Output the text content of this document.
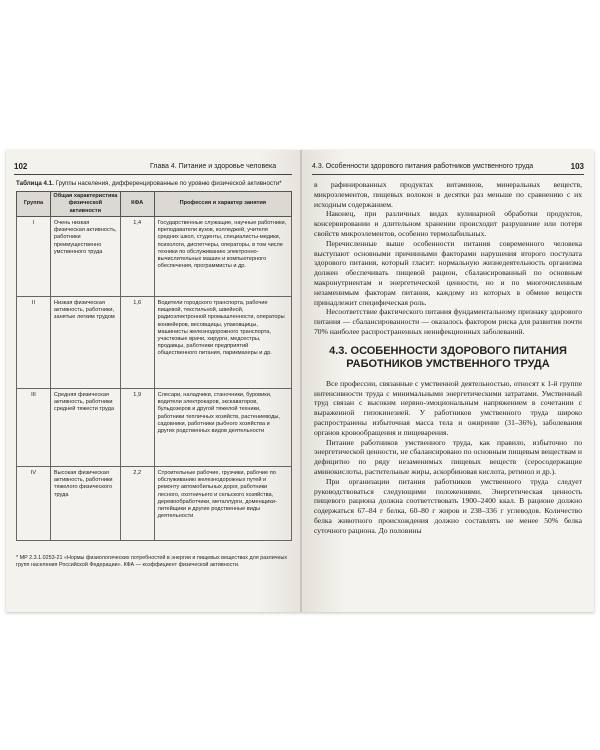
102	Глава 4. Питание и здоровье человека
Таблица 4.1. Группы населения, дифференцированные по уровню физической активности*
Группа	Общая характеристика физической активности	КФА	Профессия и характер занятия
I	Очень низкая физическая активность, работники преимущественно умственного труда	1,4	Государственные служащие, научные работники, преподаватели вузов, колледжей, учителя средних школ, студенты, специалисты-медики, психологи, диспетчеры, операторы, в том числе техники по обслуживанию электронно-вычислительных машин и компьютерного обеспечения, программисты и др.
II	Низкая физическая активность, работники, занятые легким трудом	1,6	Водители городского транспорта, рабочие пищевой, текстильной, швейной, радиоэлектронной промышленности, операторы конвейеров, весовщицы, упаковщицы, машинисты железнодорожного транспорта, участковые врачи, хирурги, медсестры, продавцы, работники предприятий общественного питания, парикмахеры и др.
III	Средняя физическая активность, работники средней тяжести труда	1,9	Слесари, наладчики, станочники, буровики, водители электрокаров, экскаваторов, бульдозеров и другой тяжелой техники, работники тепличных хозяйств, растениеводы, садовники, работники рыбного хозяйства и других родственных видов деятельности
IV	Высокая физическая активность, работники тяжелого физического труда	2,2	Строительные рабочие, грузчики, рабочие по обслуживанию железнодорожных путей и ремонту автомобильных дорог, работники лесного, охотничьего и сельского хозяйства, деревообработчики, металлурги, доменщики-литейщики и другие родственные виды деятельности
* МР 2.3.1.0253-21 «Нормы физиологических потребностей в энергии и пищевых веществах для различных групп населения Российской Федерации». КФА — коэффициент физической активности.
4.3. Особенности здорового питания работников умственного труда	103

в рафинированных продуктах витаминов, минеральных веществ, микроэлементов, пищевых волокон в десятки раз меньше по сравнению с их исходным содержанием.

Наконец, при различных видах кулинарной обработки продуктов, консервировании и длительном хранении происходит разрушение или потеря свойств микроэлементов, особенно термолабильных.

Перечисленные выше особенности питания современного человека выступают основными причинными факторами нарушения второго постулата здорового питания, который гласит: нормальную жизнедеятельность организма должен обеспечивать пищевой рацион, сбалансированный по основным макронутриентам и энергетической ценности, но и по многочисленным незаменимым факторам питания, каждому из которых в обмене веществ принадлежит специфическая роль.

Несоответствие фактического питания фундаментальному признаку здорового питания — сбалансированности — оказалось фактором риска для развития почти 70% наиболее распространенных неинфекционных заболеваний.

4.3. ОСОБЕННОСТИ ЗДОРОВОГО ПИТАНИЯ РАБОТНИКОВ УМСТВЕННОГО ТРУДА

Все профессии, связанные с умственной деятельностью, относят к 1-й группе интенсивности труда с минимальными энергетическими затратами. Умственный труд связан с высоким нервно-эмоциональным напряжением в сочетании с выраженной гипокинезией. У работников умственного труда широко распространены избыточная масса тела и ожирение (31–36%), заболевания органов кровообращения и пищеварения.

Питание работников умственного труда, как правило, избыточно по энергетической ценности, не сбалансировано по основным пищевым веществам и дефицитно по ряду незаменимых пищевых веществ (серосодержащие аминокислоты, растительные жиры, аскорбиновая кислота, ретинол и др.).

При организации питания работников умственного труда следует руководствоваться следующими положениями. Энергетическая ценность пищевого рациона должна соответствовать 1900–2400 ккал. В рационе должно содержаться 67–84 г белка, 60–80 г жиров и 238–336 г углеводов. Количество белка животного происхождения должно составлять не менее 50% белка суточного рациона. До половины
